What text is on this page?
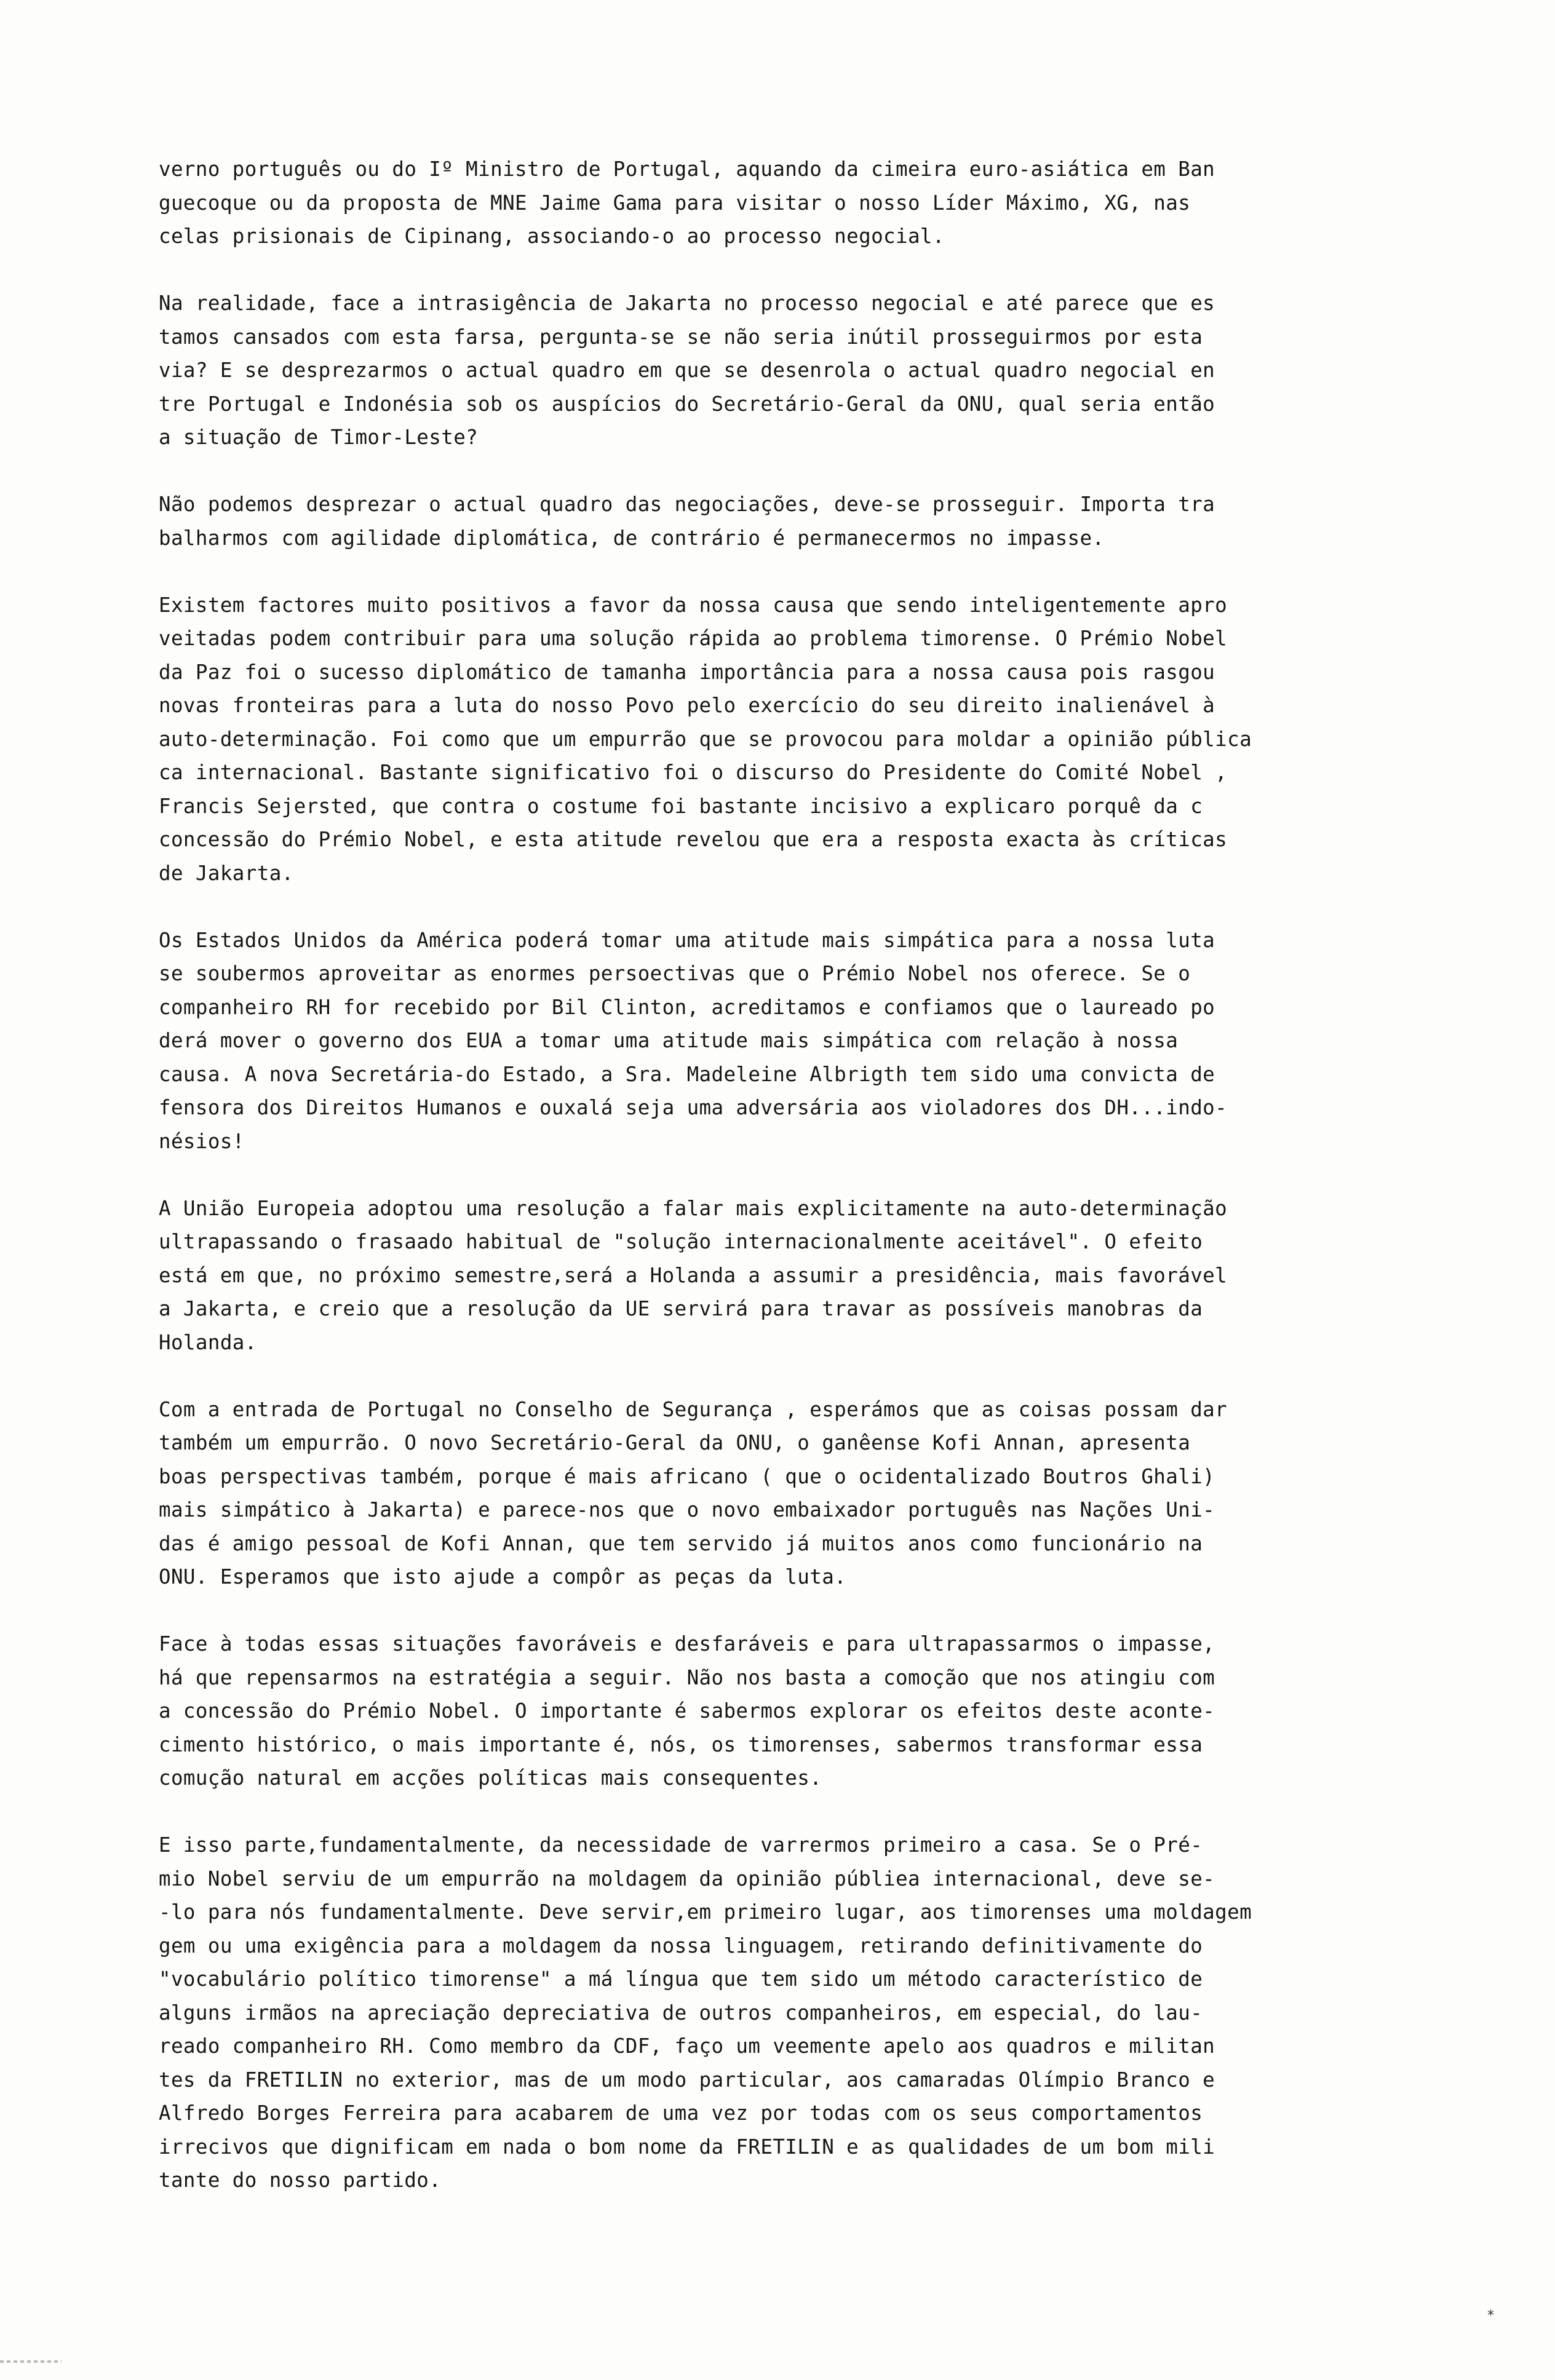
verno português ou do Iº Ministro de Portugal, aquando da cimeira euro-asiática em Ban
guecoque ou da proposta de MNE Jaime Gama para visitar o nosso Líder Máximo, XG, nas
celas prisionais de Cipinang, associando-o ao processo negocial.
Na realidade, face a intrasigência de Jakarta no processo negocial e até parece que es
tamos cansados com esta farsa, pergunta-se se não seria inútil prosseguirmos por esta
via? E se desprezarmos o actual quadro em que se desenrola o actual quadro negocial en
tre Portugal e Indonésia sob os auspícios do Secretário-Geral da ONU, qual seria então
a situação de Timor-Leste?
Não podemos desprezar o actual quadro das negociações, deve-se prosseguir. Importa tra
balharmos com agilidade diplomática, de contrário é permanecermos no impasse.
Existem factores muito positivos a favor da nossa causa que sendo inteligentemente apro
veitadas podem contribuir para uma solução rápida ao problema timorense. O Prémio Nobel
da Paz foi o sucesso diplomático de tamanha importância para a nossa causa pois rasgou
novas fronteiras para a luta do nosso Povo pelo exercício do seu direito inalienável à
auto-determinação. Foi como que um empurrão que se provocou para moldar a opinião pública
ca internacional. Bastante significativo foi o discurso do Presidente do Comité Nobel ,
Francis Sejersted, que contra o costume foi bastante incisivo a explicaro porquê da c
concessão do Prémio Nobel, e esta atitude revelou que era a resposta exacta às críticas
de Jakarta.
Os Estados Unidos da América poderá tomar uma atitude mais simpática para a nossa luta
se soubermos aproveitar as enormes persoectivas que o Prémio Nobel nos oferece. Se o
companheiro RH for recebido por Bil Clinton, acreditamos e confiamos que o laureado po
derá mover o governo dos EUA a tomar uma atitude mais simpática com relação à nossa
causa. A nova Secretária-do Estado, a Sra. Madeleine Albrigth tem sido uma convicta de
fensora dos Direitos Humanos e ouxalá seja uma adversária aos violadores dos DH...indo-
nésios!
A União Europeia adoptou uma resolução a falar mais explicitamente na auto-determinação
ultrapassando o frasaado habitual de "solução internacionalmente aceitável". O efeito
está em que, no próximo semestre,será a Holanda a assumir a presidência, mais favorável
a Jakarta, e creio que a resolução da UE servirá para travar as possíveis manobras da
Holanda.
Com a entrada de Portugal no Conselho de Segurança , esperámos que as coisas possam dar
também um empurrão. O novo Secretário-Geral da ONU, o ganêense Kofi Annan, apresenta
boas perspectivas também, porque é mais africano ( que o ocidentalizado Boutros Ghali)
mais simpático à Jakarta) e parece-nos que o novo embaixador português nas Nações Uni-
das é amigo pessoal de Kofi Annan, que tem servido já muitos anos como funcionário na
ONU. Esperamos que isto ajude a compôr as peças da luta.
Face à todas essas situações favoráveis e desfaráveis e para ultrapassarmos o impasse,
há que repensarmos na estratégia a seguir. Não nos basta a comoção que nos atingiu com
a concessão do Prémio Nobel. O importante é sabermos explorar os efeitos deste aconte-
cimento histórico, o mais importante é, nós, os timorenses, sabermos transformar essa
comução natural em acções políticas mais consequentes.
E isso parte,fundamentalmente, da necessidade de varrermos primeiro a casa. Se o Pré-
mio Nobel serviu de um empurrão na moldagem da opinião públiea internacional, deve se-
-lo para nós fundamentalmente. Deve servir,em primeiro lugar, aos timorenses uma moldagem
gem ou uma exigência para a moldagem da nossa linguagem, retirando definitivamente do
"vocabulário político timorense" a má língua que tem sido um método característico de
alguns irmãos na apreciação depreciativa de outros companheiros, em especial, do lau-
reado companheiro RH. Como membro da CDF, faço um veemente apelo aos quadros e militan
tes da FRETILIN no exterior, mas de um modo particular, aos camaradas Olímpio Branco e
Alfredo Borges Ferreira para acabarem de uma vez por todas com os seus comportamentos
irrecivos que dignificam em nada o bom nome da FRETILIN e as qualidades de um bom mili
tante do nosso partido.
*
